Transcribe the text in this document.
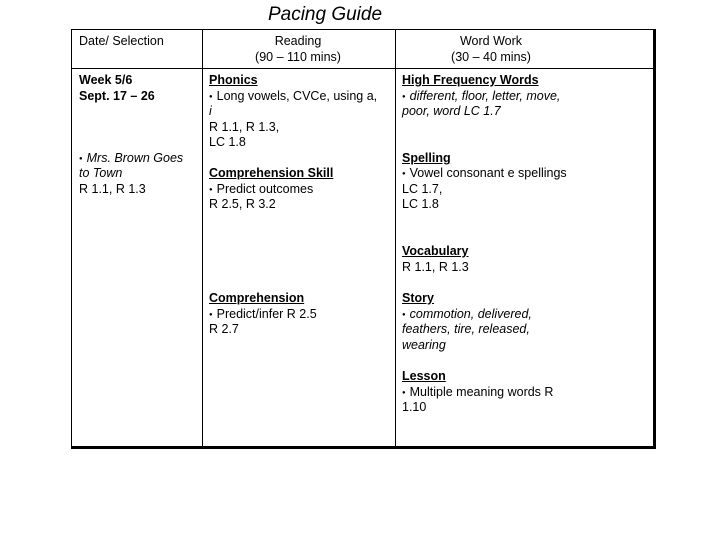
Pacing Guide
Date/ Selection	Reading
(90 – 110 mins)
Word Work
(30 – 40 mins)
Week 5/6
Sept. 17 – 26
● Mrs. Brown Goes
to Town
R 1.1, R 1.3
Phonics
● Long vowels, CVCe, using a,
i
R 1.1, R 1.3,
LC 1.8
Comprehension Skill
● Predict outcomes
R 2.5, R 3.2
Comprehension
● Predict/infer R 2.5
R 2.7
High Frequency Words
● different, floor, letter, move,
poor, word LC 1.7
Spelling
● Vowel consonant e spellings
LC 1.7,
LC 1.8
Vocabulary
R 1.1, R 1.3
Story
● commotion, delivered,
feathers, tire, released,
wearing
Lesson
● Multiple meaning words R
1.10
